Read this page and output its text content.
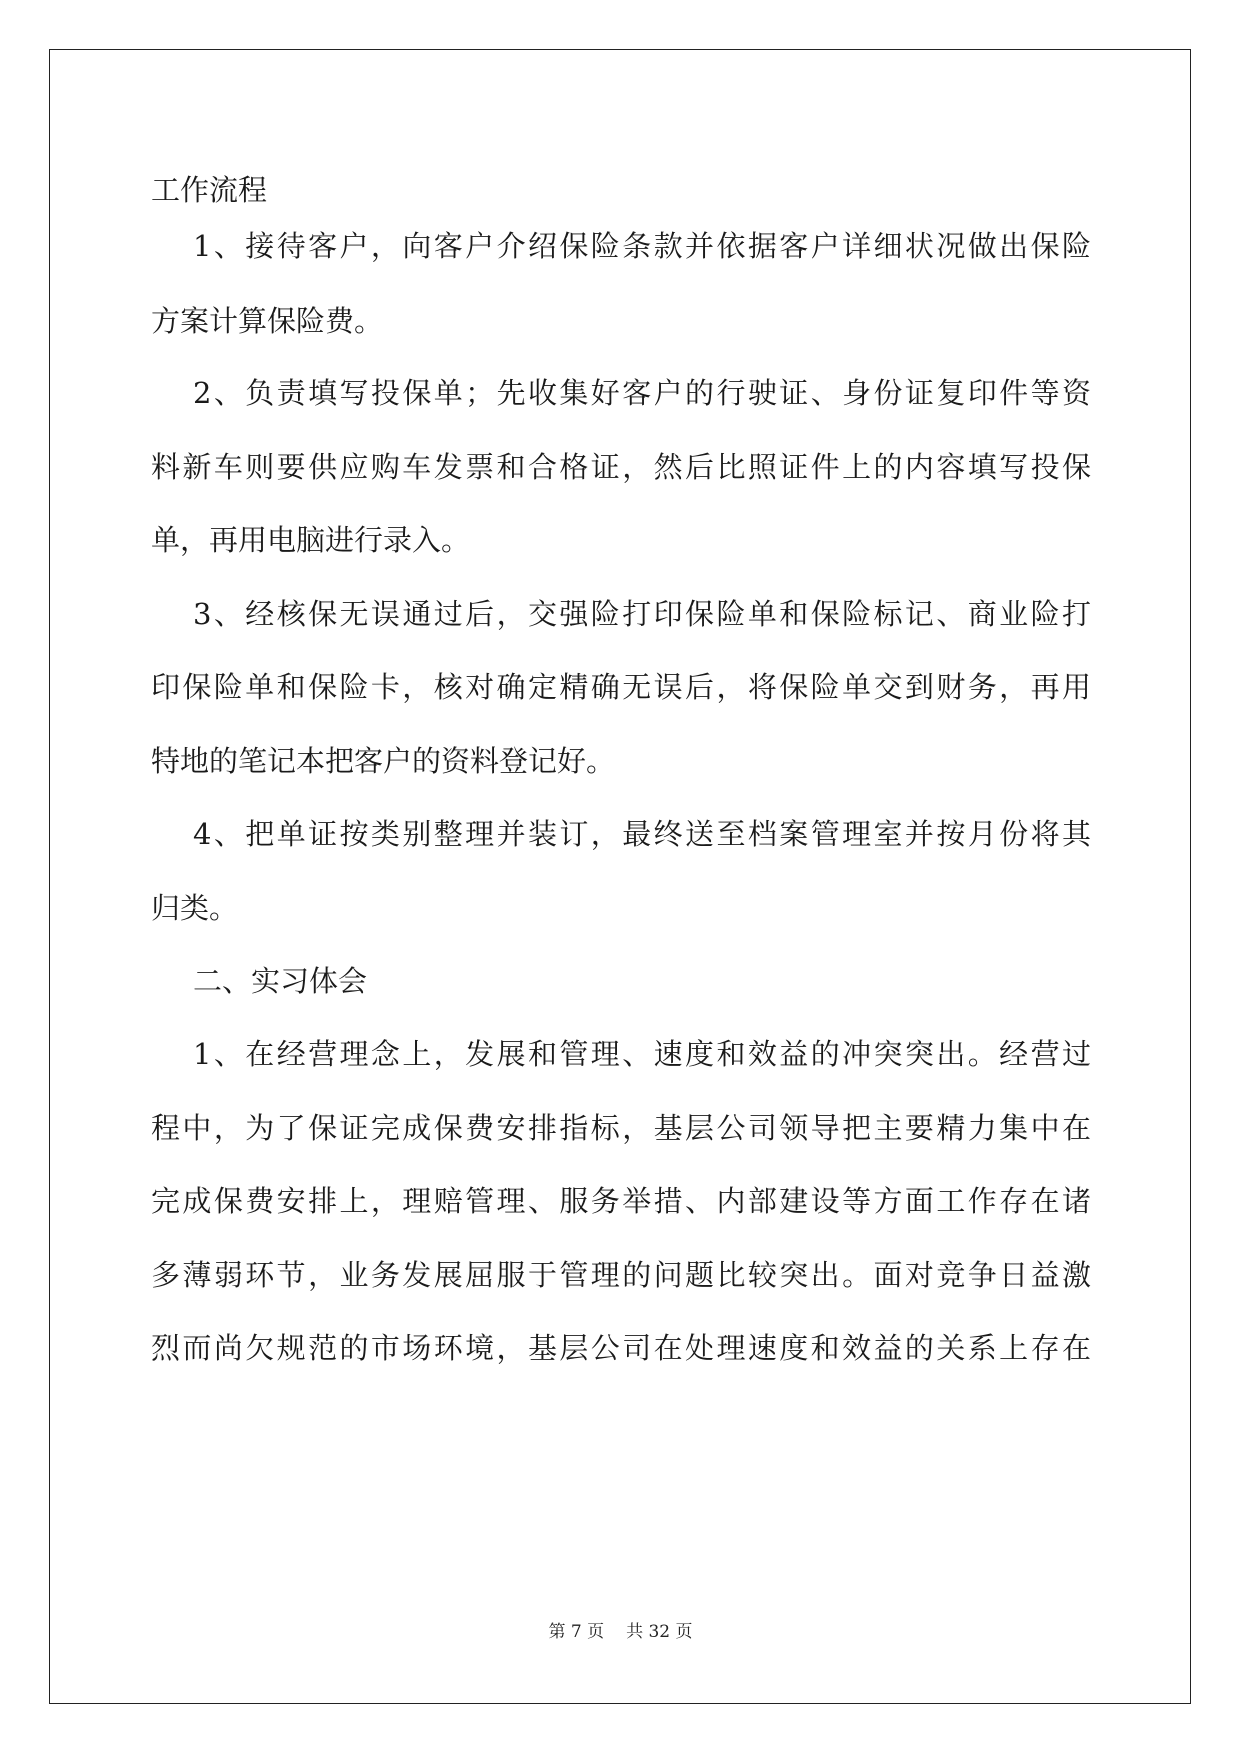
工作流程
1、接待客户，向客户介绍保险条款并依据客户详细状况做出保险
方案计算保险费。
2、负责填写投保单；先收集好客户的行驶证、身份证复印件等资
料新车则要供应购车发票和合格证，然后比照证件上的内容填写投保
单，再用电脑进行录入。
3、经核保无误通过后，交强险打印保险单和保险标记、商业险打
印保险单和保险卡，核对确定精确无误后，将保险单交到财务，再用
特地的笔记本把客户的资料登记好。
4、把单证按类别整理并装订，最终送至档案管理室并按月份将其
归类。
二、实习体会
1、在经营理念上，发展和管理、速度和效益的冲突突出。经营过
程中，为了保证完成保费安排指标，基层公司领导把主要精力集中在
完成保费安排上，理赔管理、服务举措、内部建设等方面工作存在诸
多薄弱环节，业务发展屈服于管理的问题比较突出。面对竞争日益激
烈而尚欠规范的市场环境，基层公司在处理速度和效益的关系上存在
第 7 页 共 32 页
